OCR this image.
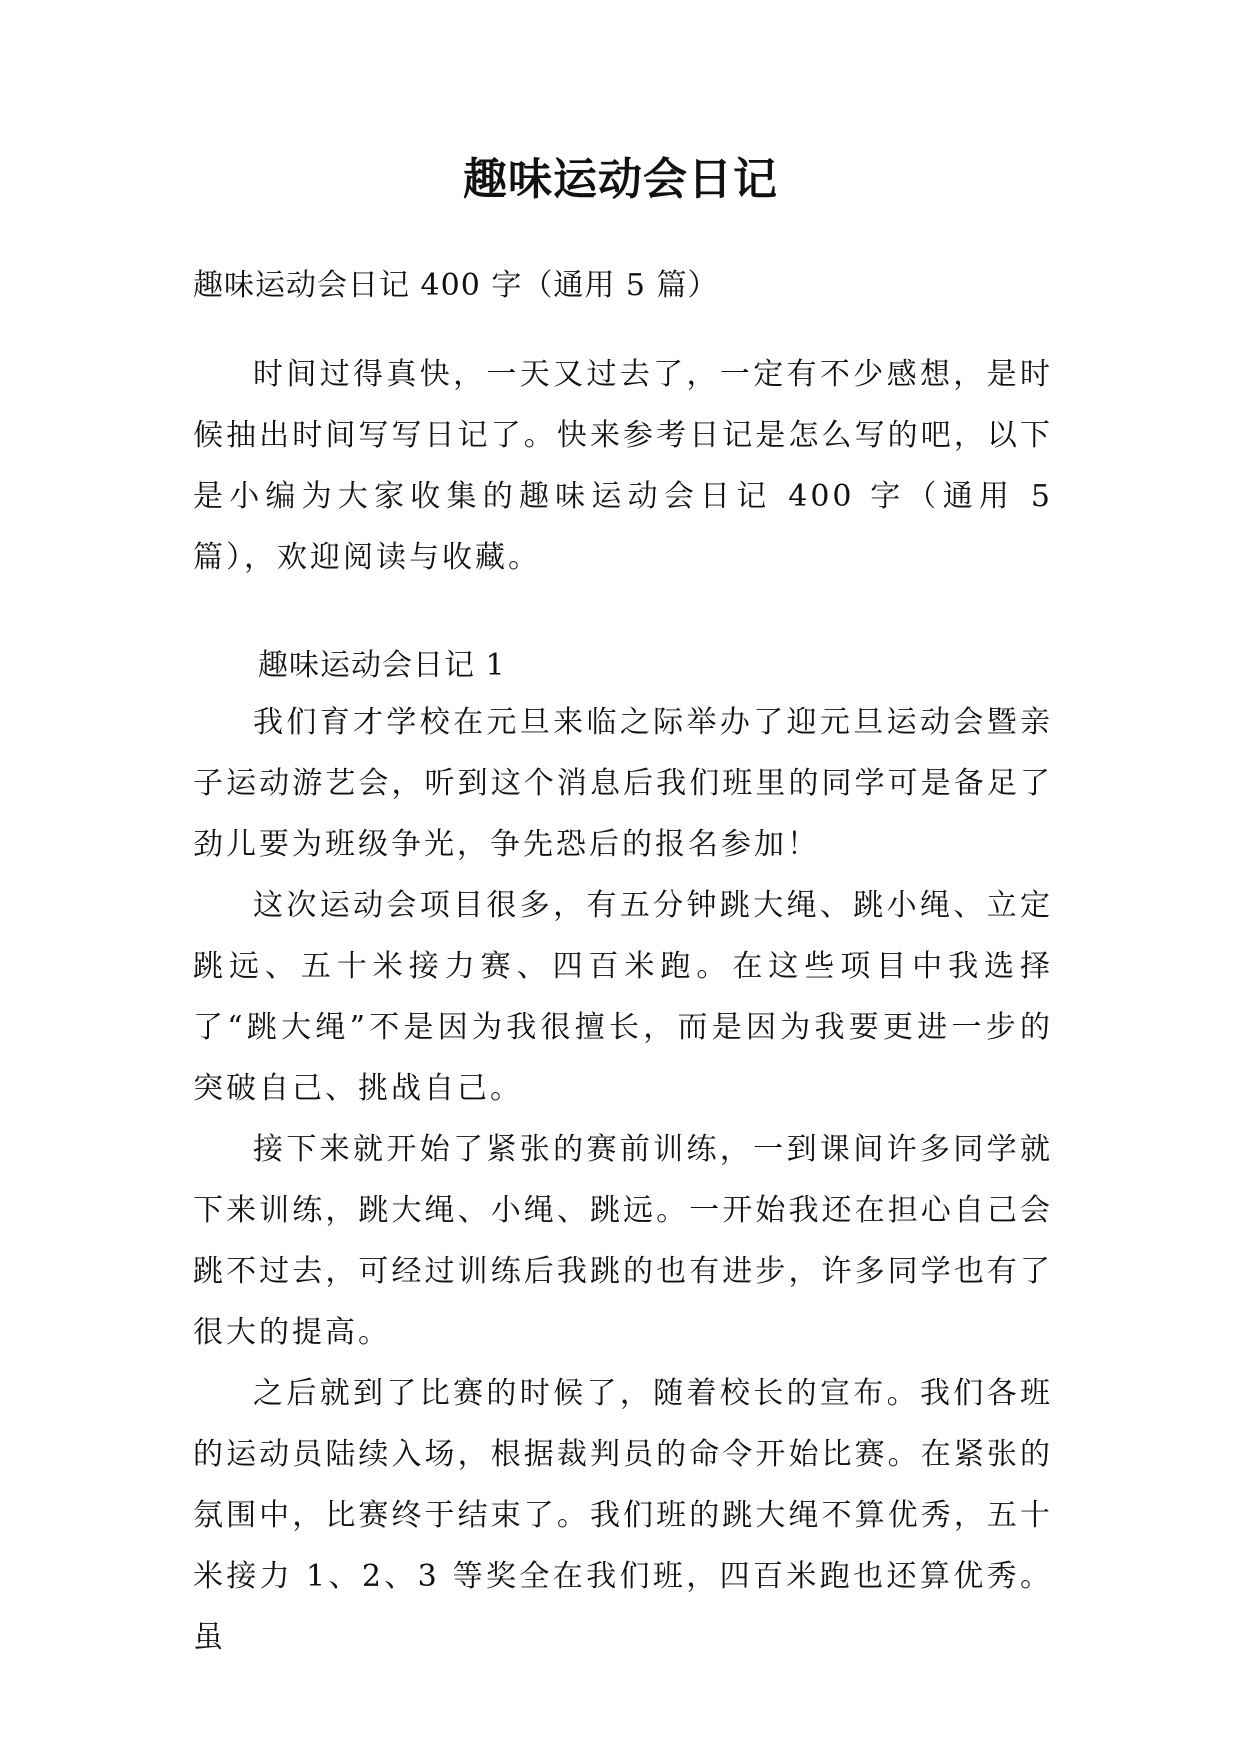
趣味运动会日记
趣味运动会日记 400 字（通用 5 篇）

时间过得真快，一天又过去了，一定有不少感想，是时候抽出时间写写日记了。快来参考日记是怎么写的吧，以下是小编为大家收集的趣味运动会日记 400 字（通用 5 篇），欢迎阅读与收藏。

趣味运动会日记 1

我们育才学校在元旦来临之际举办了迎元旦运动会暨亲子运动游艺会，听到这个消息后我们班里的同学可是备足了劲儿要为班级争光，争先恐后的报名参加！

这次运动会项目很多，有五分钟跳大绳、跳小绳、立定跳远、五十米接力赛、四百米跑。在这些项目中我选择了“跳大绳”不是因为我很擅长，而是因为我要更进一步的突破自己、挑战自己。

接下来就开始了紧张的赛前训练，一到课间许多同学就下来训练，跳大绳、小绳、跳远。一开始我还在担心自己会跳不过去，可经过训练后我跳的也有进步，许多同学也有了很大的提高。

之后就到了比赛的时候了，随着校长的宣布。我们各班的运动员陆续入场，根据裁判员的命令开始比赛。在紧张的氛围中，比赛终于结束了。我们班的跳大绳不算优秀，五十米接力 1、2、3 等奖全在我们班，四百米跑也还算优秀。虽
